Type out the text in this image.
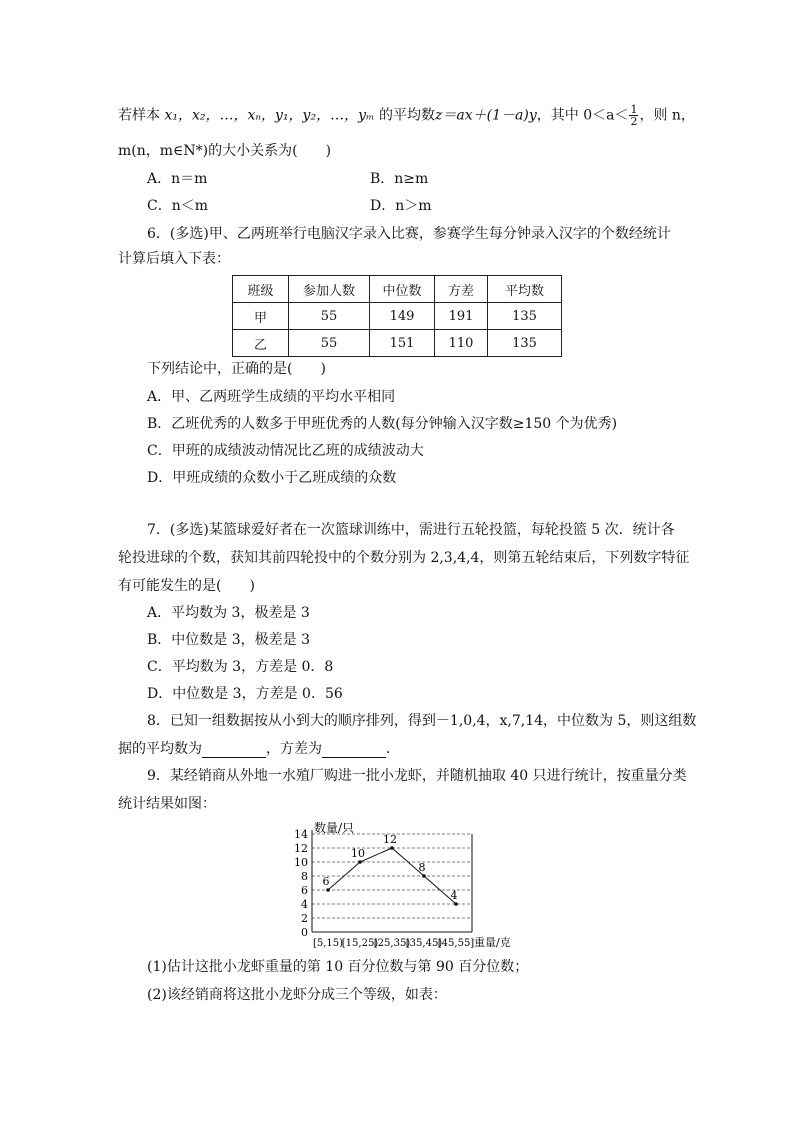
若样本 x₁，x₂，…，xₙ，y₁，y₂，…，yₘ 的平均数z＝ax＋(1－a)y，其中 $0<a< \frac{1}{2}$ ，则 n，
m(n，m∈N*)的大小关系为(　　)
A．n＝m	B．n≥m
C．n＜m	D．n＞m
6．(多选)甲、乙两班举行电脑汉字录入比赛，参赛学生每分钟录入汉字的个数经统计
计算后填入下表：
班级	参加人数	中位数	方差	平均数
甲	55	149	191	135
乙	55	151	110	135
下列结论中，正确的是(　　)
A．甲、乙两班学生成绩的平均水平相同
B．乙班优秀的人数多于甲班优秀的人数(每分钟输入汉字数≥150 个为优秀)
C．甲班的成绩波动情况比乙班的成绩波动大
D．甲班成绩的众数小于乙班成绩的众数
7．(多选)某篮球爱好者在一次篮球训练中，需进行五轮投篮，每轮投篮 5 次．统计各
轮投进球的个数，获知其前四轮投中的个数分别为 2,3,4,4，则第五轮结束后，下列数字特征
有可能发生的是(　　)
A．平均数为 3，极差是 3
B．中位数是 3，极差是 3
C．平均数为 3，方差是 0．8
D．中位数是 3，方差是 0．56
8．已知一组数据按从小到大的顺序排列，得到－1,0,4，x,7,14，中位数为 5，则这组数
据的平均数为	，方差为	．
9．某经销商从外地一水殖厂购进一批小龙虾，并随机抽取 40 只进行统计，按重量分类
统计结果如图：
0
2
4
6
8
10
12
14
[5,15)
[15,25)
[25,35)
[35,45)
[45,55]
6
10
12
8
4
数量/只
重量/克
(1)估计这批小龙虾重量的第 10 百分位数与第 90 百分位数；
(2)该经销商将这批小龙虾分成三个等级，如表：
